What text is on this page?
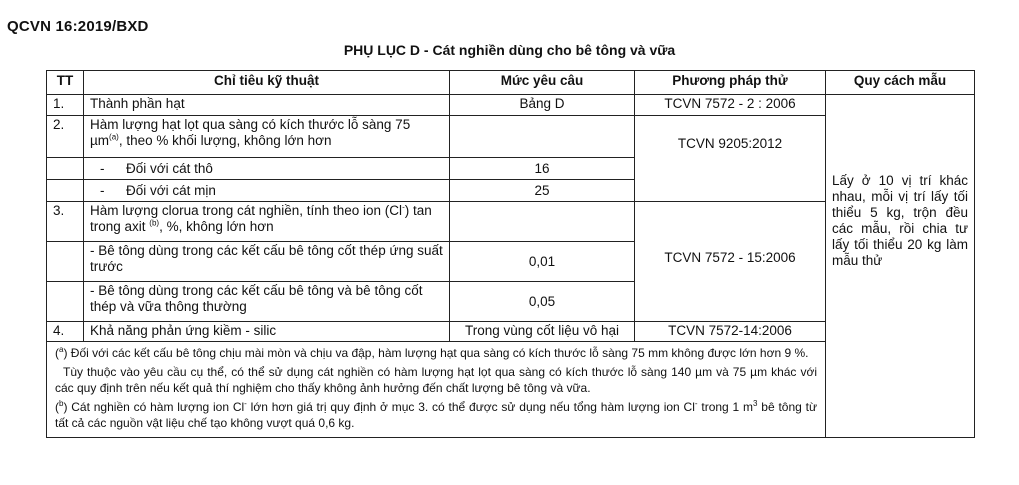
QCVN 16:2019/BXD
PHỤ LỤC D - Cát nghiền dùng cho bê tông và vữa
TT	Chỉ tiêu kỹ thuật	Mức yêu câu	Phương pháp thử	Quy cách mẫu
1.	Thành phần hạt	Bảng D	TCVN 7572 - 2 : 2006	Lấy ở 10 vị trí khác nhau, mỗi vị trí lấy tối thiểu 5 kg, trộn đều các mẫu, rồi chia tư lấy tối thiểu 20 kg làm mẫu thử
2.	Hàm lượng hạt lọt qua sàng có kích thước lỗ sàng 75 µm$^{(a)}$, theo % khối lượng, không lớn hơn		TCVN 9205:2012	
	- Đối với cát thô	16		
	- Đối với cát mịn	25		
3.	Hàm lượng clorua trong cát nghiền, tính theo ion (Cl-) tan trong axit $^{(b)}$, %, không lớn hơn		TCVN 7572 - 15:2006	
	- Bê tông dùng trong các kết cấu bê tông cốt thép ứng suất trước	0,01		
	- Bê tông dùng trong các kết cấu bê tông và bê tông cốt thép và vữa thông thường	0,05		
4.	Khả năng phản ứng kiềm - silic	Trong vùng cốt liệu vô hại	TCVN 7572-14:2006	

($^a$) Đối với các kết cấu bê tông chịu mài mòn và chịu va đập, hàm lượng hạt qua sàng có kích thước lỗ sàng 75 mm không được lớn hơn 9 %.

Tùy thuộc vào yêu cầu cụ thể, có thể sử dụng cát nghiền có hàm lượng hạt lọt qua sàng có kích thước lỗ sàng 140 µm và 75 µm khác với các quy định trên nếu kết quả thí nghiệm cho thấy không ảnh hưởng đến chất lượng bê tông và vữa.

($^b$) Cát nghiền có hàm lượng ion Cl- lớn hơn giá trị quy định ở mục 3. có thể được sử dụng nếu tổng hàm lượng ion Cl- trong 1 $m^3$ bê tông từ tất cả các nguồn vật liệu chế tạo không vượt quá 0,6 kg.				
